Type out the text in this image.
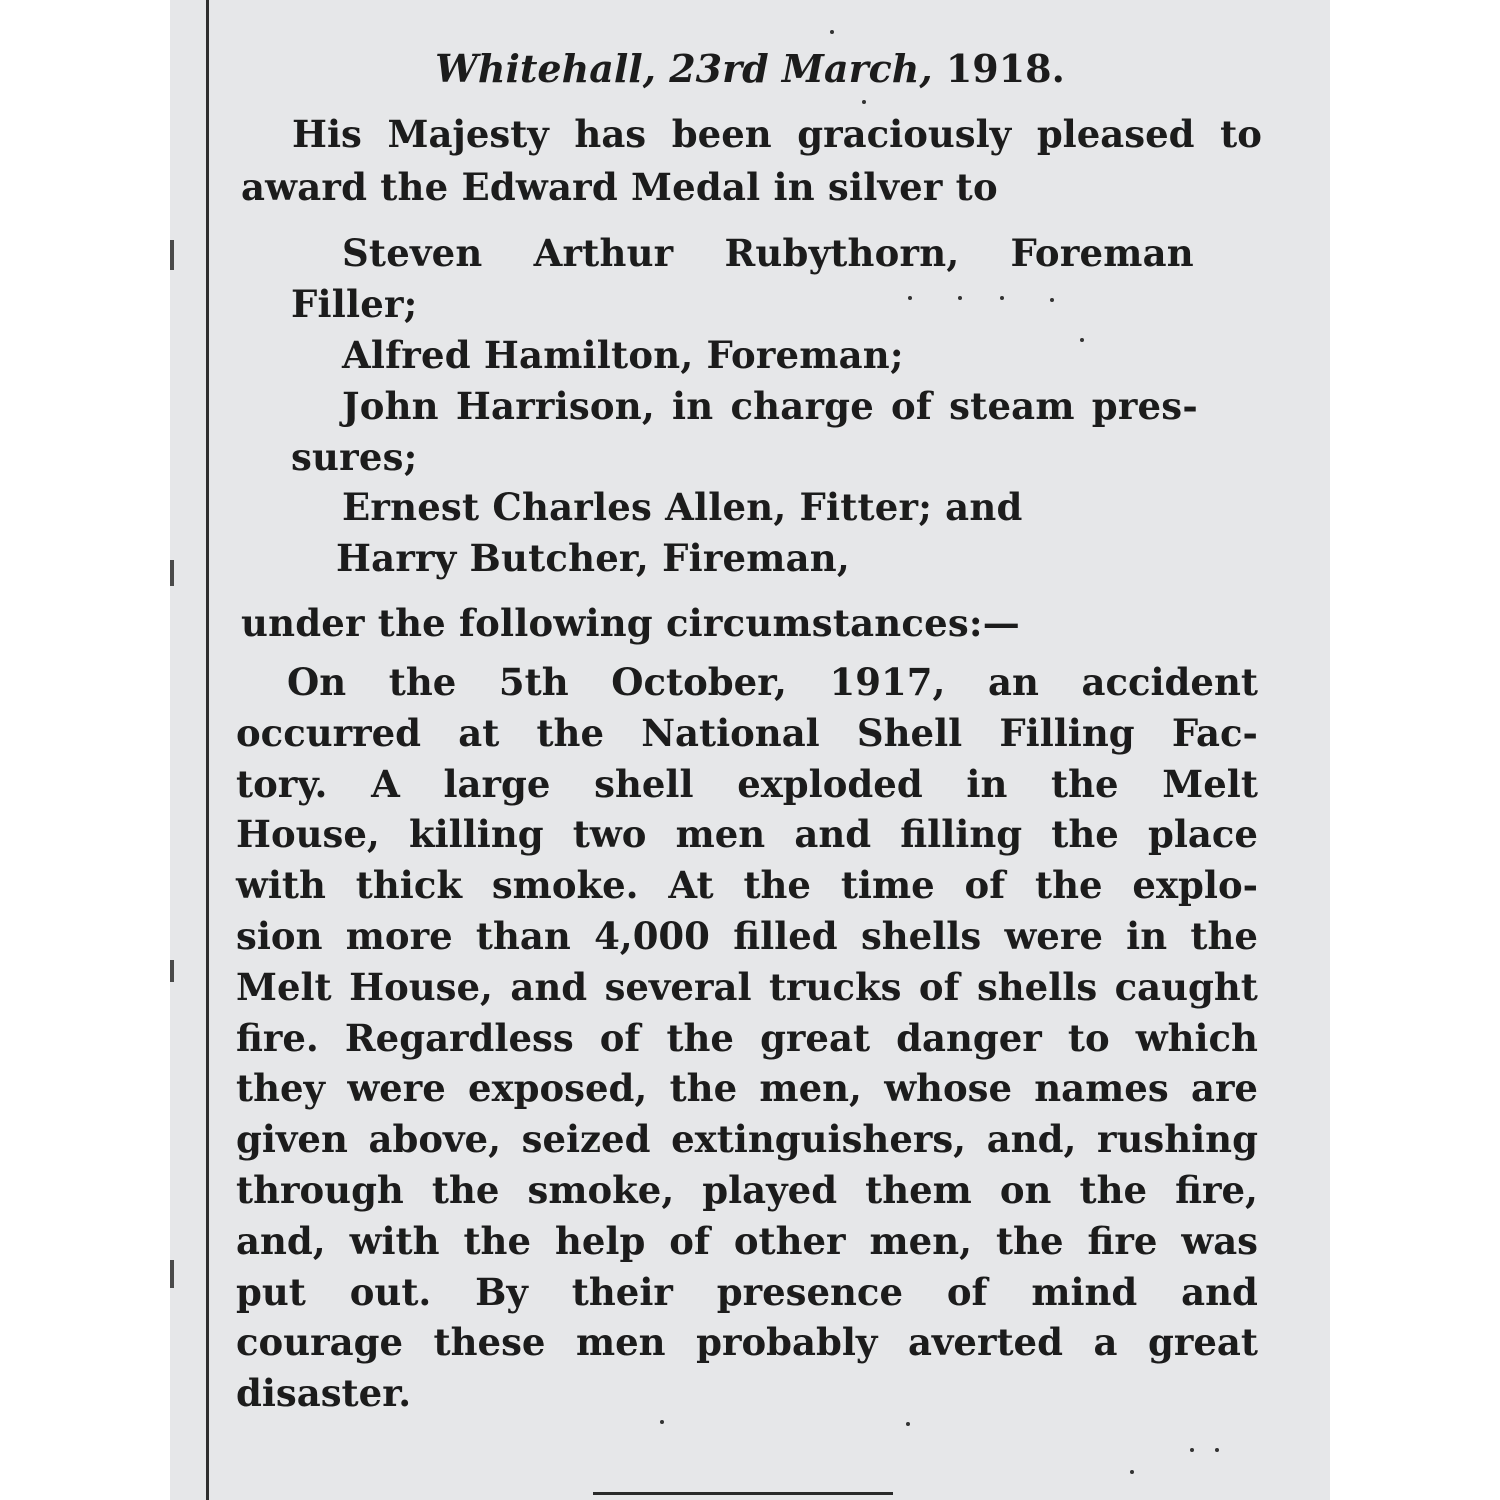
Whitehall, 23rd March, 1918.
His Majesty has been graciously pleased to
award the Edward Medal in silver to
Steven Arthur Rubythorn, Foreman
Filler;
Alfred Hamilton, Foreman;
John Harrison, in charge of steam pres-
sures;
Ernest Charles Allen, Fitter; and
Harry Butcher, Fireman,
under the following circumstances:—
On the 5th October, 1917, an accident
occurred at the National Shell Filling Fac-
tory. A large shell exploded in the Melt
House, killing two men and filling the place
with thick smoke. At the time of the explo-
sion more than 4,000 filled shells were in the
Melt House, and several trucks of shells caught
fire. Regardless of the great danger to which
they were exposed, the men, whose names are
given above, seized extinguishers, and, rushing
through the smoke, played them on the fire,
and, with the help of other men, the fire was
put out. By their presence of mind and
courage these men probably averted a great
disaster.
